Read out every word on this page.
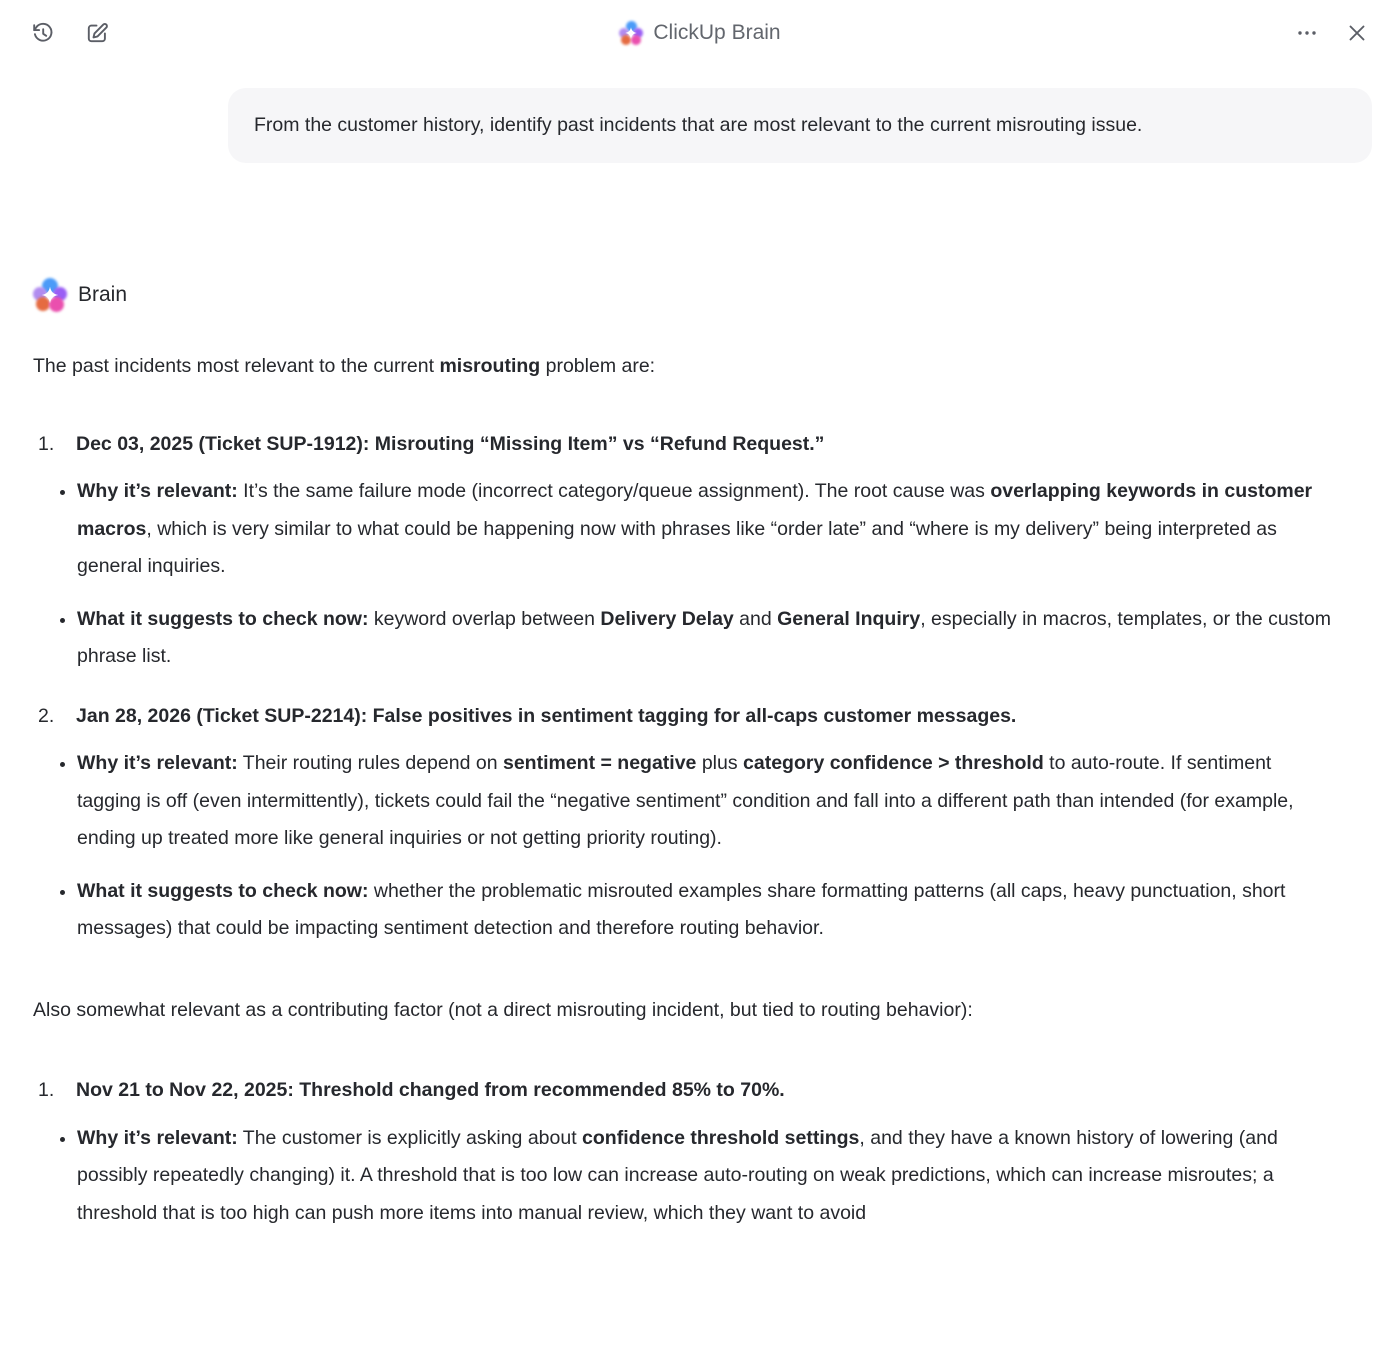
ClickUp Brain
From the customer history, identify past incidents that are most relevant to the current misrouting issue.
Brain
The past incidents most relevant to the current misrouting problem are:
1.	Dec 03, 2025 (Ticket SUP-1912): Misrouting “Missing Item” vs “Refund Request.”
Why it’s relevant: It’s the same failure mode (incorrect category/queue assignment). The root cause was overlapping keywords in customer macros, which is very similar to what could be happening now with phrases like “order late” and “where is my delivery” being interpreted as general inquiries.
What it suggests to check now: keyword overlap between Delivery Delay and General Inquiry, especially in macros, templates, or the custom phrase list.
2.	Jan 28, 2026 (Ticket SUP-2214): False positives in sentiment tagging for all-caps customer messages.
Why it’s relevant: Their routing rules depend on sentiment = negative plus category confidence > threshold to auto-route. If sentiment tagging is off (even intermittently), tickets could fail the “negative sentiment” condition and fall into a different path than intended (for example, ending up treated more like general inquiries or not getting priority routing).
What it suggests to check now: whether the problematic misrouted examples share formatting patterns (all caps, heavy punctuation, short messages) that could be impacting sentiment detection and therefore routing behavior.
Also somewhat relevant as a contributing factor (not a direct misrouting incident, but tied to routing behavior):
1.	Nov 21 to Nov 22, 2025: Threshold changed from recommended 85% to 70%.
Why it’s relevant: The customer is explicitly asking about confidence threshold settings, and they have a known history of lowering (and possibly repeatedly changing) it. A threshold that is too low can increase auto-routing on weak predictions, which can increase misroutes; a threshold that is too high can push more items into manual review, which they want to avoid
